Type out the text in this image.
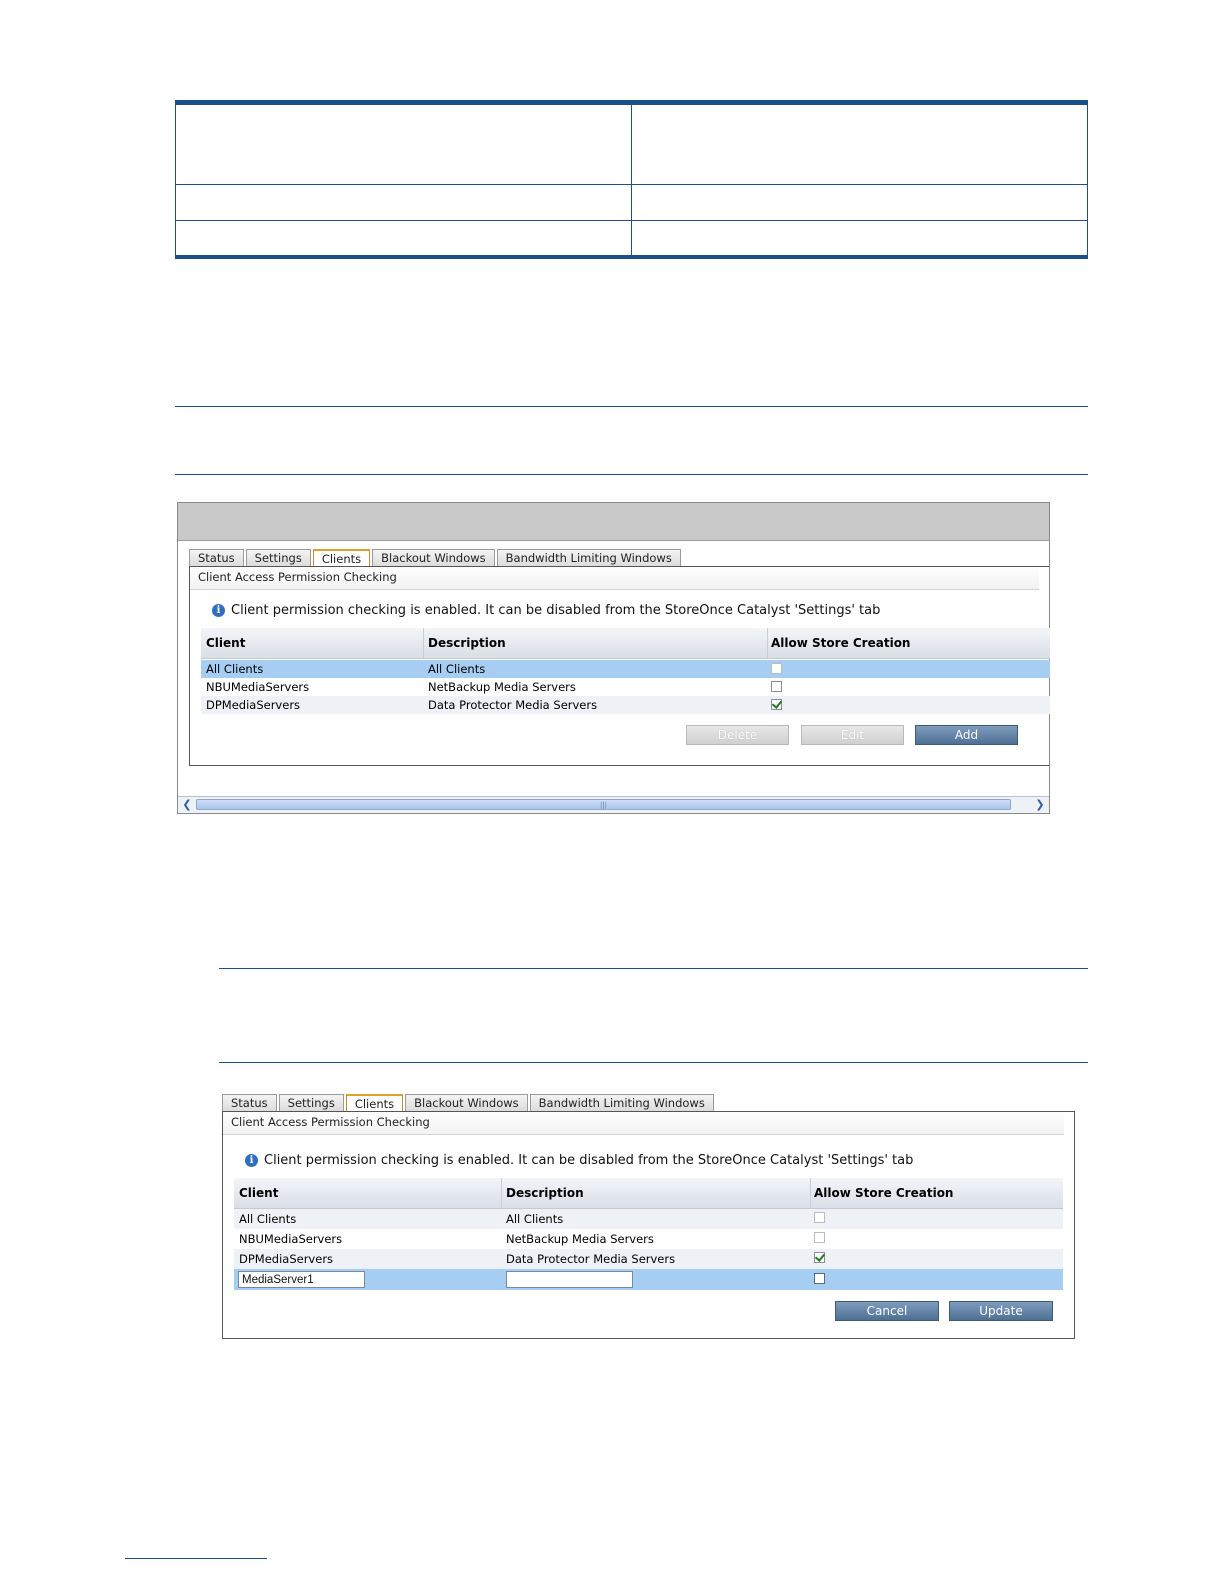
Status	Settings	Clients	Blackout Windows	Bandwidth Limiting Windows
Client Access Permission Checking
i Client permission checking is enabled. It can be disabled from the StoreOnce Catalyst 'Settings' tab
Client	Description	Allow Store Creation
All Clients	All Clients
NBUMediaServers	NetBackup Media Servers
DPMediaServers	Data Protector Media Servers
Delete	Edit	Add
❮	|||	❯
Status	Settings	Clients	Blackout Windows	Bandwidth Limiting Windows
Client Access Permission Checking
i Client permission checking is enabled. It can be disabled from the StoreOnce Catalyst 'Settings' tab
Client	Description	Allow Store Creation
All Clients	All Clients
NBUMediaServers	NetBackup Media Servers
DPMediaServers	Data Protector Media Servers
MediaServer1
Cancel	Update
